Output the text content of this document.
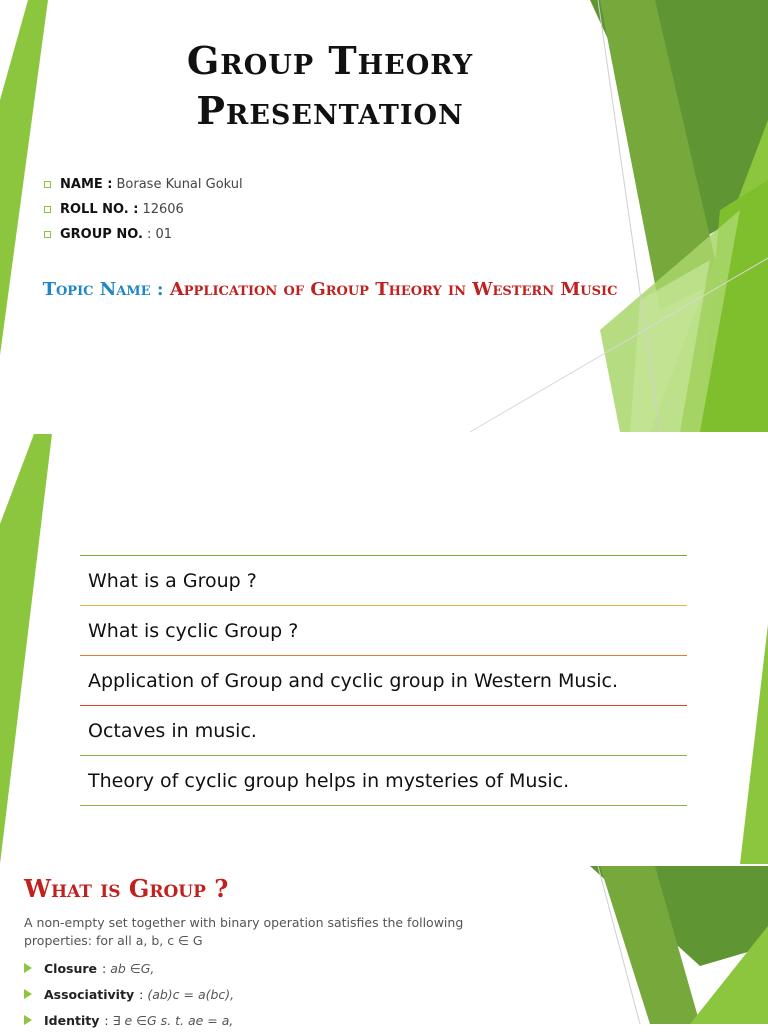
Group Theory
Presentation
NAME : Borase Kunal Gokul
ROLL NO. : 12606
GROUP NO. : 01
Topic Name : Application of Group Theory in Western Music
What is a Group ?
What is cyclic Group ?
Application of Group and cyclic group in Western Music.
Octaves in music.
Theory of cyclic group helps in mysteries of Music.
What is Group ?
A non-empty set together with binary operation satisfies the following properties: for all a, b, c ∈ G
Closure : ab ∈G,
Associativity : (ab)c = a(bc),
Identity : ∃ e ∈G s. t. ae = a,
